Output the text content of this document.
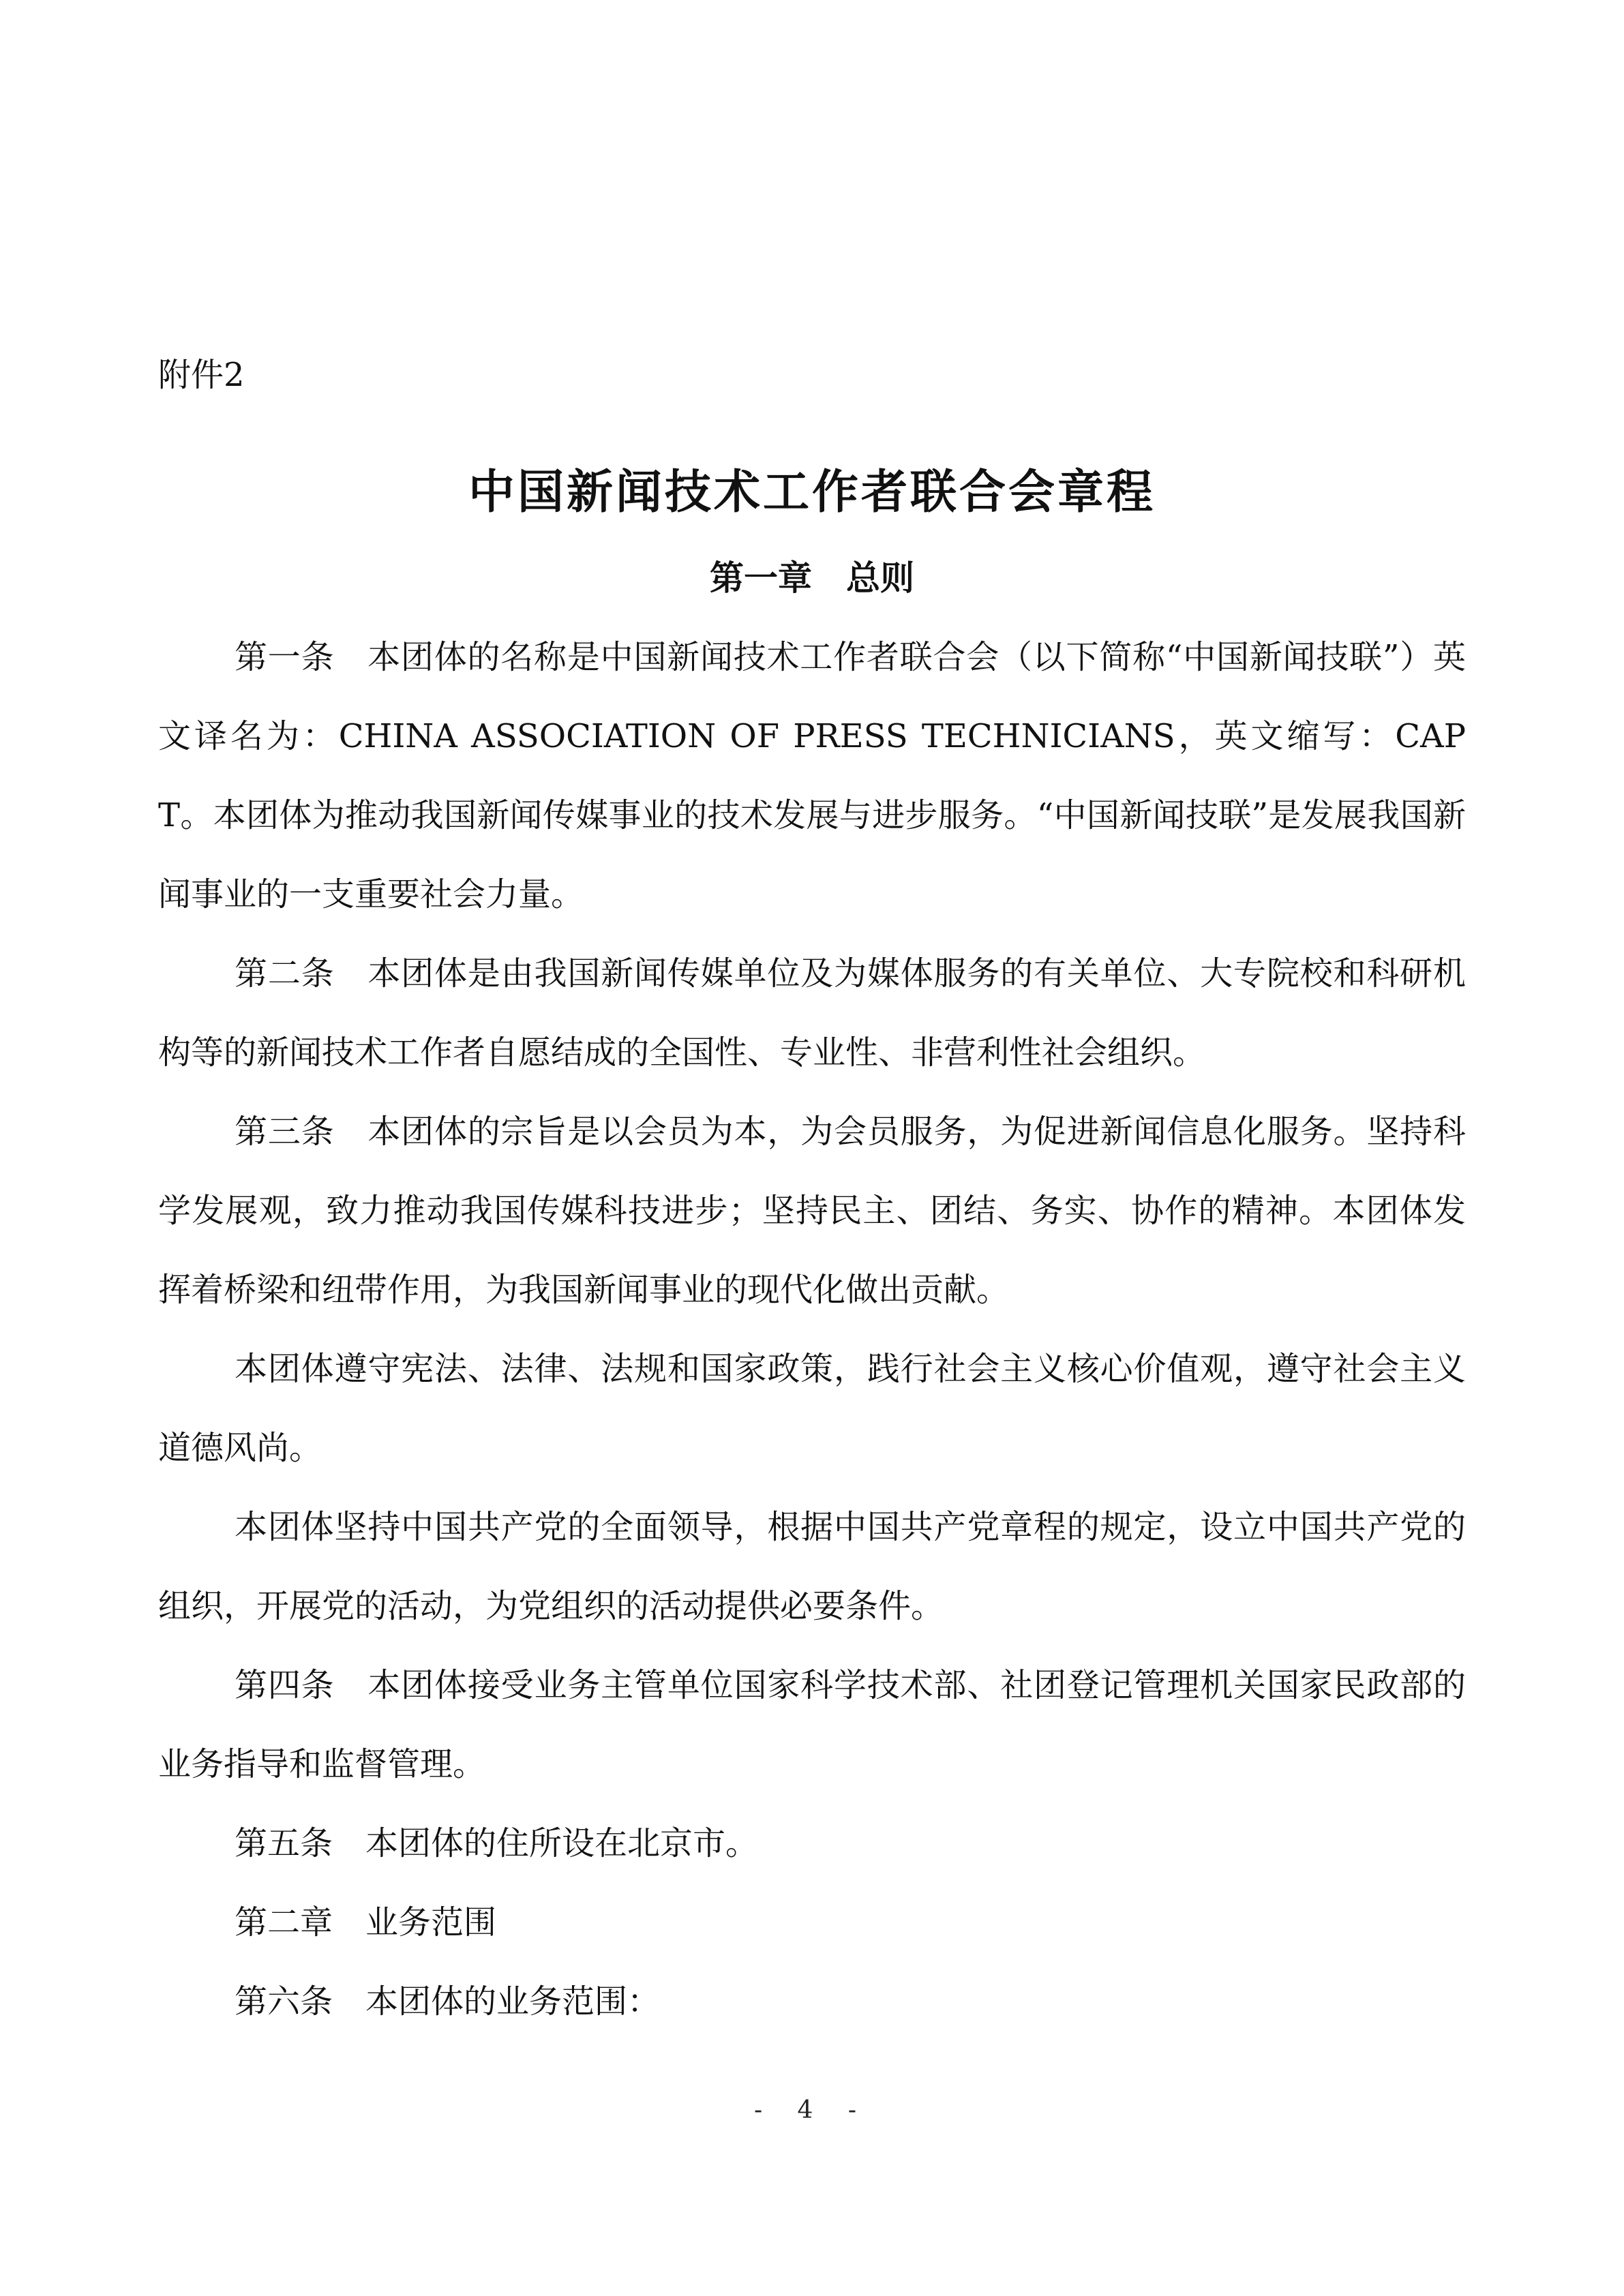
附件2
中国新闻技术工作者联合会章程
第一章　总则

第一条　本团体的名称是中国新闻技术工作者联合会（以下简称“中国新闻技联”）英文译名为：CHINA ASSOCIATION OF PRESS TECHNICIANS，英文缩写：CAPT。本团体为推动我国新闻传媒事业的技术发展与进步服务。“中国新闻技联”是发展我国新闻事业的一支重要社会力量。

第二条　本团体是由我国新闻传媒单位及为媒体服务的有关单位、大专院校和科研机构等的新闻技术工作者自愿结成的全国性、专业性、非营利性社会组织。

第三条　本团体的宗旨是以会员为本，为会员服务，为促进新闻信息化服务。坚持科学发展观，致力推动我国传媒科技进步；坚持民主、团结、务实、协作的精神。本团体发挥着桥梁和纽带作用，为我国新闻事业的现代化做出贡献。

本团体遵守宪法、法律、法规和国家政策，践行社会主义核心价值观，遵守社会主义道德风尚。

本团体坚持中国共产党的全面领导，根据中国共产党章程的规定，设立中国共产党的组织，开展党的活动，为党组织的活动提供必要条件。

第四条　本团体接受业务主管单位国家科学技术部、社团登记管理机关国家民政部的业务指导和监督管理。

第五条　本团体的住所设在北京市。

第二章　业务范围

第六条　本团体的业务范围：

- 4 -
